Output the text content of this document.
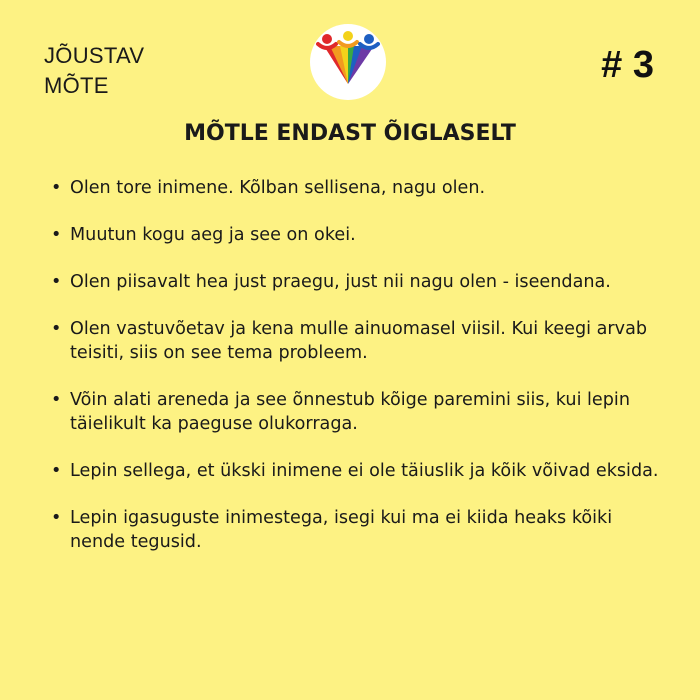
JÕUSTAV
MÕTE	# 3
MÕTLE ENDAST ÕIGLASELT
• Olen tore inimene. Kõlban sellisena, nagu olen.
• Muutun kogu aeg ja see on okei.
• Olen piisavalt hea just praegu, just nii nagu olen - iseendana.
• Olen vastuvõetav ja kena mulle ainuomasel viisil. Kui keegi arvab teisiti, siis on see tema probleem.
• Võin alati areneda ja see õnnestub kõige paremini siis, kui lepin täielikult ka paeguse olukorraga.
• Lepin sellega, et ükski inimene ei ole täiuslik ja kõik võivad eksida.
• Lepin igasuguste inimestega, isegi kui ma ei kiida heaks kõiki nende tegusid.
